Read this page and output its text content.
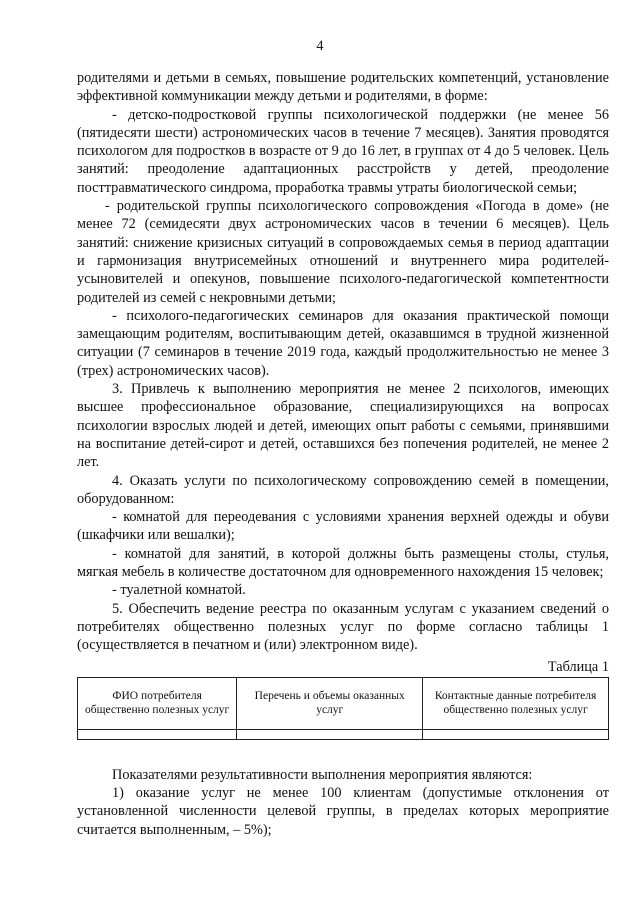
4

родителями и детьми в семьях, повышение родительских компетенций, установление эффективной коммуникации между детьми и родителями, в форме:

- детско-подростковой группы психологической поддержки (не менее 56 (пятидесяти шести) астрономических часов в течение 7 месяцев). Занятия проводятся психологом для подростков в возрасте от 9 до 16 лет, в группах от 4 до 5 человек. Цель занятий: преодоление адаптационных расстройств у детей, преодоление посттравматического синдрома, проработка травмы утраты биологической семьи;

- родительской группы психологического сопровождения «Погода в доме» (не менее 72 (семидесяти двух астрономических часов в течении 6 месяцев). Цель занятий: снижение кризисных ситуаций в сопровождаемых семья в период адаптации и гармонизация внутрисемейных отношений и внутреннего мира родителей-усыновителей и опекунов, повышение психолого-педагогической компетентности родителей из семей с некровными детьми;

- психолого-педагогических семинаров для оказания практической помощи замещающим родителям, воспитывающим детей, оказавшимся в трудной жизненной ситуации (7 семинаров в течение 2019 года, каждый продолжительностью не менее 3 (трех) астрономических часов).

3. Привлечь к выполнению мероприятия не менее 2 психологов, имеющих высшее профессиональное образование, специализирующихся на вопросах психологии взрослых людей и детей, имеющих опыт работы с семьями, принявшими на воспитание детей-сирот и детей, оставшихся без попечения родителей, не менее 2 лет.

4. Оказать услуги по психологическому сопровождению семей в помещении, оборудованном:

- комнатой для переодевания с условиями хранения верхней одежды и обуви (шкафчики или вешалки);

- комнатой для занятий, в которой должны быть размещены столы, стулья, мягкая мебель в количестве достаточном для одновременного нахождения 15 человек;

- туалетной комнатой.

5. Обеспечить ведение реестра по оказанным услугам с указанием сведений о потребителях общественно полезных услуг по форме согласно таблицы 1 (осуществляется в печатном и (или) электронном виде).

Таблица 1

ФИО потребителя общественно полезных услуг	Перечень и объемы оказанных услуг	Контактные данные потребителя общественно полезных услуг

Показателями результативности выполнения мероприятия являются:

1) оказание услуг не менее 100 клиентам (допустимые отклонения от установленной численности целевой группы, в пределах которых мероприятие считается выполненным, – 5%);
